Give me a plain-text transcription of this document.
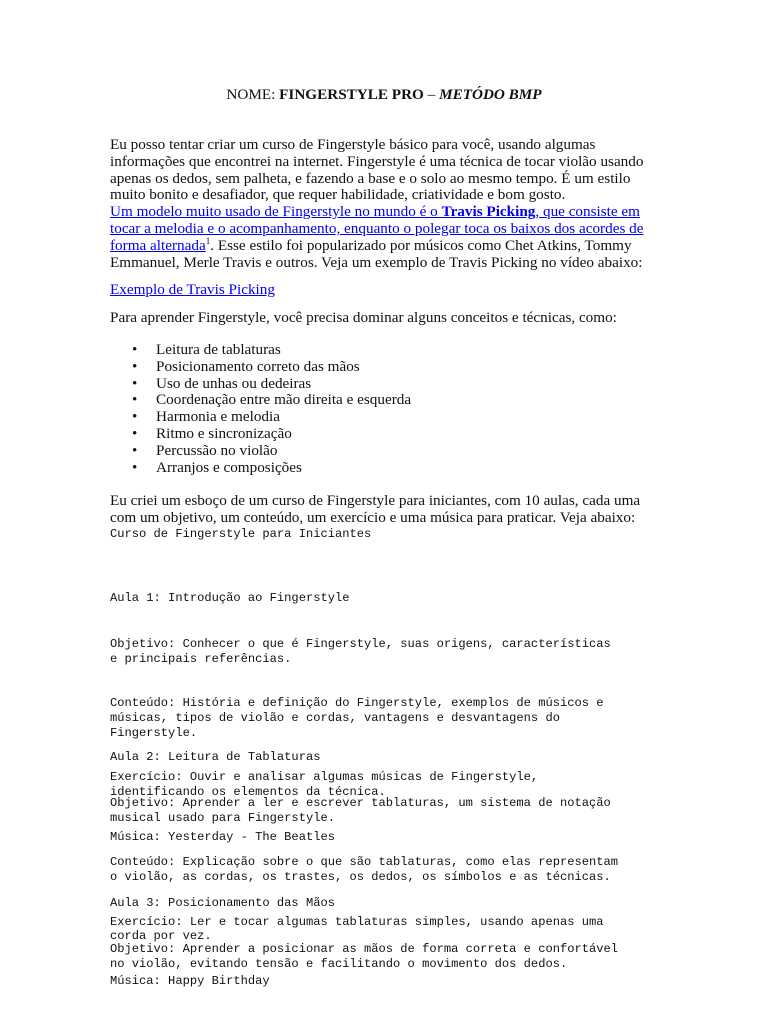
NOME: FINGERSTYLE PRO – METÓDO BMP
Eu posso tentar criar um curso de Fingerstyle básico para você, usando algumas
informações que encontrei na internet. Fingerstyle é uma técnica de tocar violão usando
apenas os dedos, sem palheta, e fazendo a base e o solo ao mesmo tempo. É um estilo
muito bonito e desafiador, que requer habilidade, criatividade e bom gosto.
Um modelo muito usado de Fingerstyle no mundo é o Travis Picking, que consiste em
tocar a melodia e o acompanhamento, enquanto o polegar toca os baixos dos acordes de
forma alternada$^1$. Esse estilo foi popularizado por músicos como Chet Atkins, Tommy
Emmanuel, Merle Travis e outros. Veja um exemplo de Travis Picking no vídeo abaixo:
Exemplo de Travis Picking
Para aprender Fingerstyle, você precisa dominar alguns conceitos e técnicas, como:
• Leitura de tablaturas
• Posicionamento correto das mãos
• Uso de unhas ou dedeiras
• Coordenação entre mão direita e esquerda
• Harmonia e melodia
• Ritmo e sincronização
• Percussão no violão
• Arranjos e composições
Eu criei um esboço de um curso de Fingerstyle para iniciantes, com 10 aulas, cada uma
com um objetivo, um conteúdo, um exercício e uma música para praticar. Veja abaixo:
Curso de Fingerstyle para Iniciantes

Aula 1: Introdução ao Fingerstyle

Objetivo: Conhecer o que é Fingerstyle, suas origens, características
e principais referências.

Conteúdo: História e definição do Fingerstyle, exemplos de músicos e
músicas, tipos de violão e cordas, vantagens e desvantagens do
Fingerstyle.

Exercício: Ouvir e analisar algumas músicas de Fingerstyle,
identificando os elementos da técnica.

Música: Yesterday - The Beatles

Aula 2: Leitura de Tablaturas

Objetivo: Aprender a ler e escrever tablaturas, um sistema de notação
musical usado para Fingerstyle.

Conteúdo: Explicação sobre o que são tablaturas, como elas representam
o violão, as cordas, os trastes, os dedos, os símbolos e as técnicas.

Exercício: Ler e tocar algumas tablaturas simples, usando apenas uma
corda por vez.

Música: Happy Birthday

Aula 3: Posicionamento das Mãos

Objetivo: Aprender a posicionar as mãos de forma correta e confortável
no violão, evitando tensão e facilitando o movimento dos dedos.
